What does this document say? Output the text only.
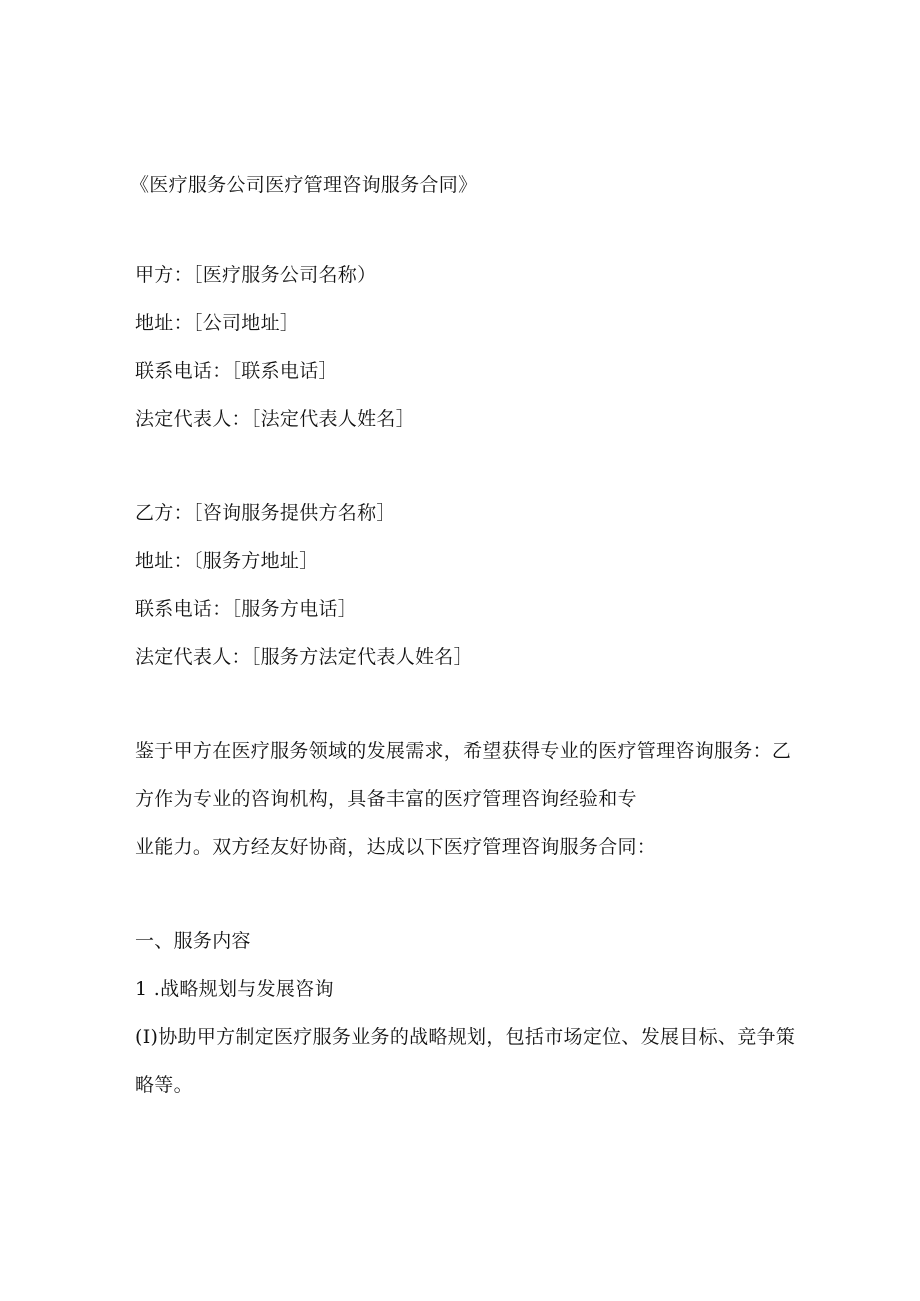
《医疗服务公司医疗管理咨询服务合同》
甲方：［医疗服务公司名称）
地址：［公司地址］
联系电话：［联系电话］
法定代表人：［法定代表人姓名］
乙方：［咨询服务提供方名称］
地址：〔服务方地址］
联系电话：［服务方电话］
法定代表人：［服务方法定代表人姓名］
鉴于甲方在医疗服务领域的发展需求，希望获得专业的医疗管理咨询服务：乙
方作为专业的咨询机构，具备丰富的医疗管理咨询经验和专
业能力。双方经友好协商，达成以下医疗管理咨询服务合同：
一、服务内容
1 .战略规划与发展咨询
(I)协助甲方制定医疗服务业务的战略规划，包括市场定位、发展目标、竞争策
略等。
